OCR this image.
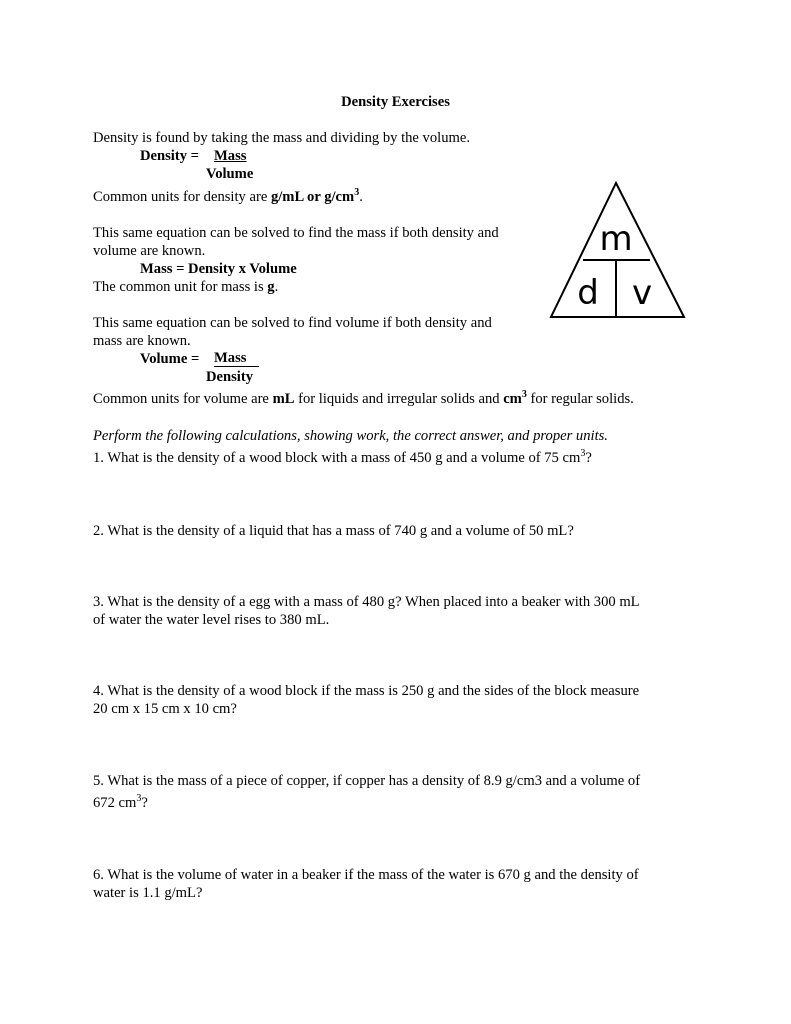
Density Exercises
Density is found by taking the mass and dividing by the volume.
Density = Mass
Volume
Common units for density are g/mL or $g/cm^3$.
This same equation can be solved to find the mass if both density and
volume are known.
Mass = Density x Volume
The common unit for mass is g.
This same equation can be solved to find volume if both density and
mass are known.
Volume = Mass
Density
Common units for volume are mL for liquids and irregular solids and $cm^3$ for regular solids.
m
d v
Perform the following calculations, showing work, the correct answer, and proper units.
1. What is the density of a wood block with a mass of 450 g and a volume of 75 $cm^3$?
2. What is the density of a liquid that has a mass of 740 g and a volume of 50 mL?
3. What is the density of a egg with a mass of 480 g? When placed into a beaker with 300 mL
of water the water level rises to 380 mL.
4. What is the density of a wood block if the mass is 250 g and the sides of the block measure
20 cm x 15 cm x 10 cm?
5. What is the mass of a piece of copper, if copper has a density of 8.9 g/cm3 and a volume of
672 $cm^3$?
6. What is the volume of water in a beaker if the mass of the water is 670 g and the density of
water is 1.1 g/mL?
